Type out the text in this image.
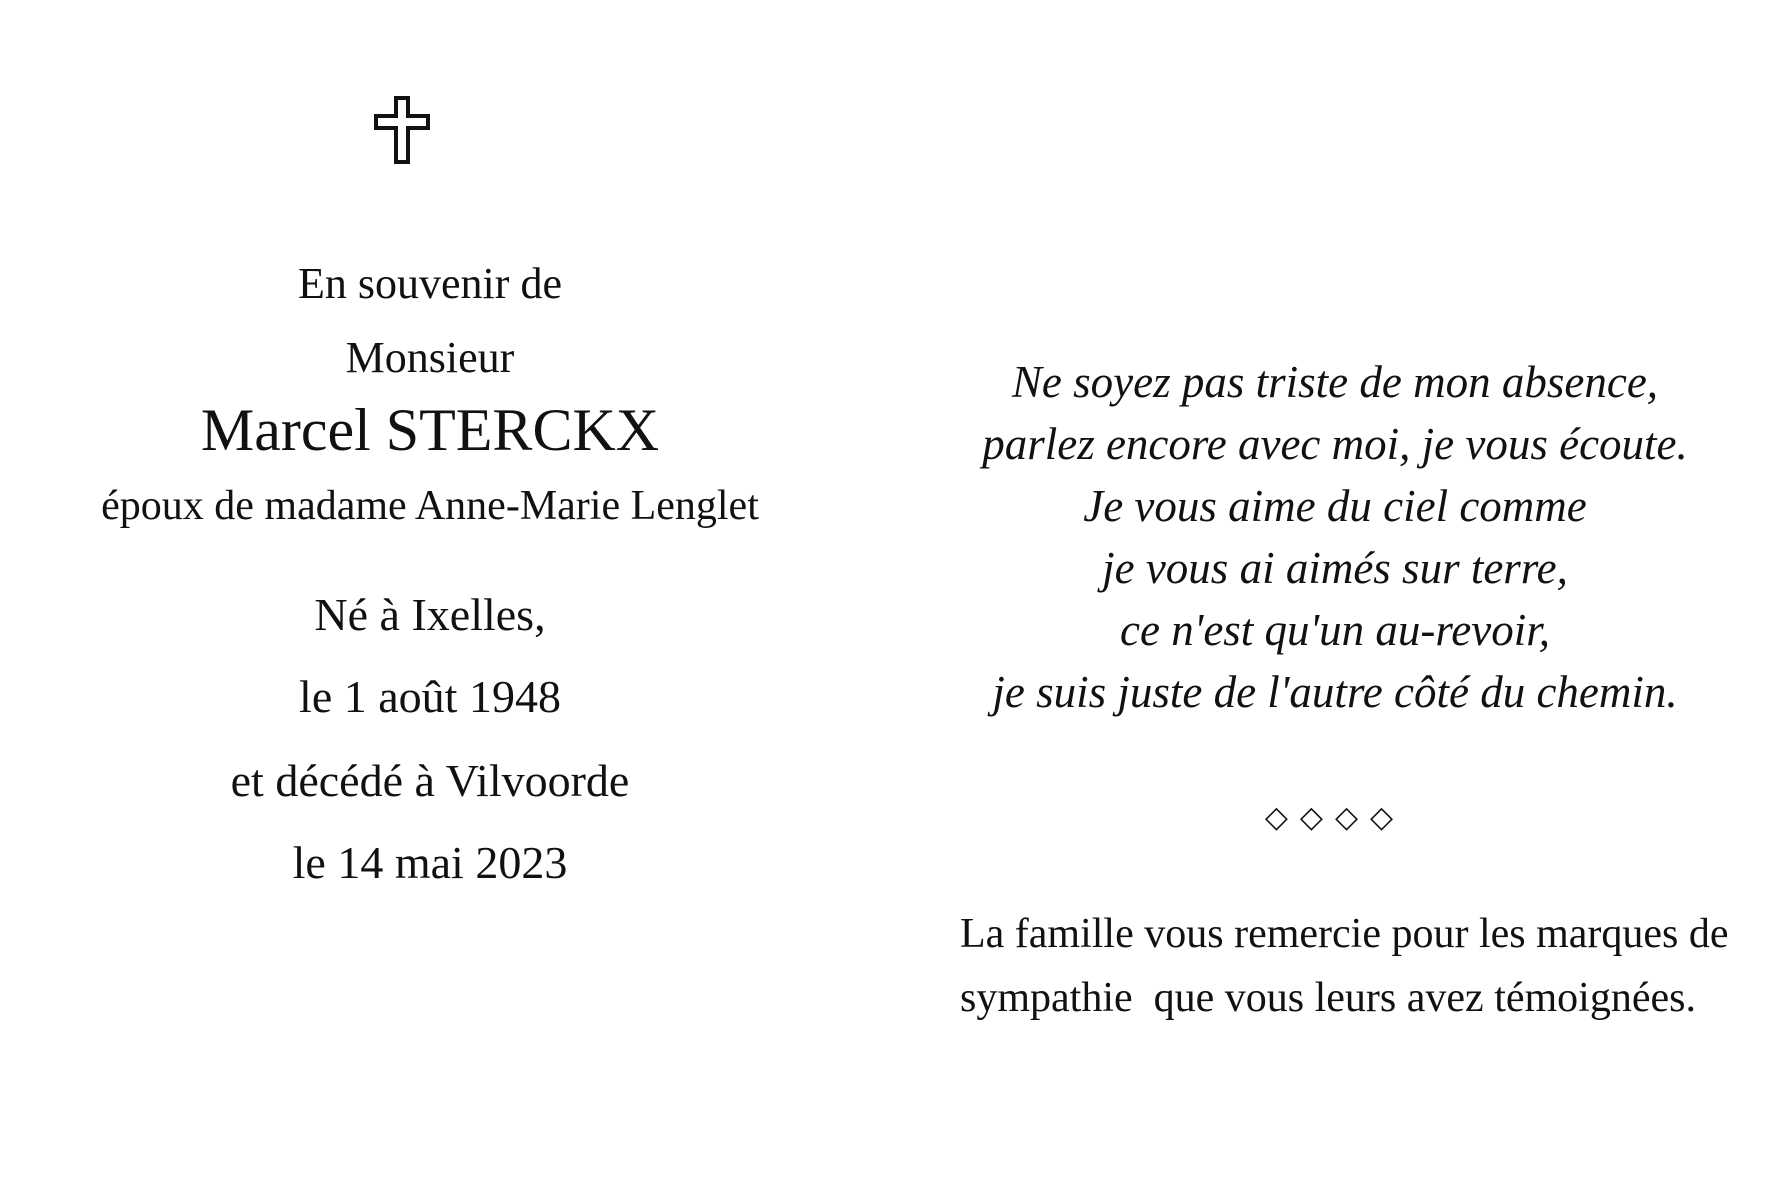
En souvenir de
Monsieur
Marcel STERCKX
époux de madame Anne-Marie Lenglet
Né à Ixelles,
le 1 août 1948
et décédé à Vilvoorde
le 14 mai 2023
Ne soyez pas triste de mon absence,
parlez encore avec moi, je vous écoute.
Je vous aime du ciel comme
je vous ai aimés sur terre,
ce n'est qu'un au-revoir,
je suis juste de l'autre côté du chemin.
◇◇◇◇
La famille vous remercie pour les marques de
sympathie  que vous leurs avez témoignées.
